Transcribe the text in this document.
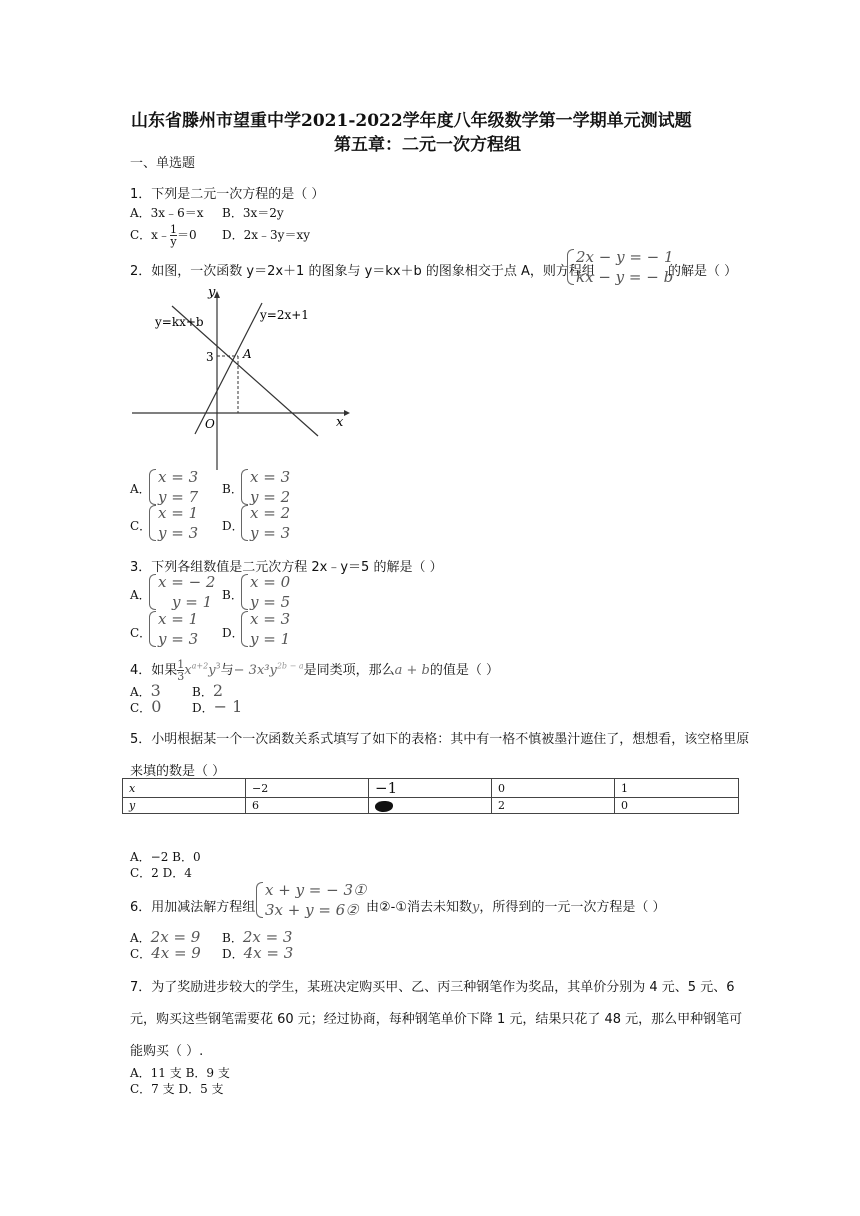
山东省滕州市望重中学2021-2022学年度八年级数学第一学期单元测试题
第五章：二元一次方程组
一、单选题
1．下列是二元一次方程的是（ ）
A．3x﹣6＝x B．3x＝2y
C．x﹣ $\frac{1}{y} =0$ D．2x﹣3y＝xy
2．如图，一次函数 y＝2x＋1 的图象与 y＝kx＋b 的图象相交于点 A，则方程组
2x − y = − 1
kx − y = − b
的解是（ ）
y
x
O
y=kx+b	y=2x+1
3 A
A．
x = 3
y = 7 B．
x = 3
y = 2
C．
x = 1
y = 3 D．
x = 2
y = 3
3．下列各组数值是二元次方程 2x﹣y＝5 的解是（ ）
A．
x = − 2
y = 1 B．
x = 0
y = 5
C．
x = 1
y = 3 D．
x = 3
y = 1
4．如果 $\frac{1}{3} x^{a+2}y^3$与− $3x^3y^{2b - a}$是同类项，那么a + b的值是（ ）
A．3	B．2
C．0	D．− 1
5．小明根据某一个一次函数关系式填写了如下的表格：其中有一格不慎被墨汁遮住了，想想看，该空格里原
来填的数是（ ）
x	−2	−1	0	1
y	6		2	0
A．−2 B．0
C．2 D．4
6．用加减法解方程组
x + y = − 3①
3x + y = 6② 由②-①消去未知数y，所得到的一元一次方程是（ ）
A．2x = 9 B．2x = 3
C．4x = 9 D．4x = 3
7．为了奖励进步较大的学生，某班决定购买甲、乙、丙三种钢笔作为奖品，其单价分别为 4 元、5 元、6
元，购买这些钢笔需要花 60 元；经过协商，每种钢笔单价下降 1 元，结果只花了 48 元，那么甲种钢笔可
能购买（ ）.
A．11 支 B．9 支
C．7 支 D．5 支
